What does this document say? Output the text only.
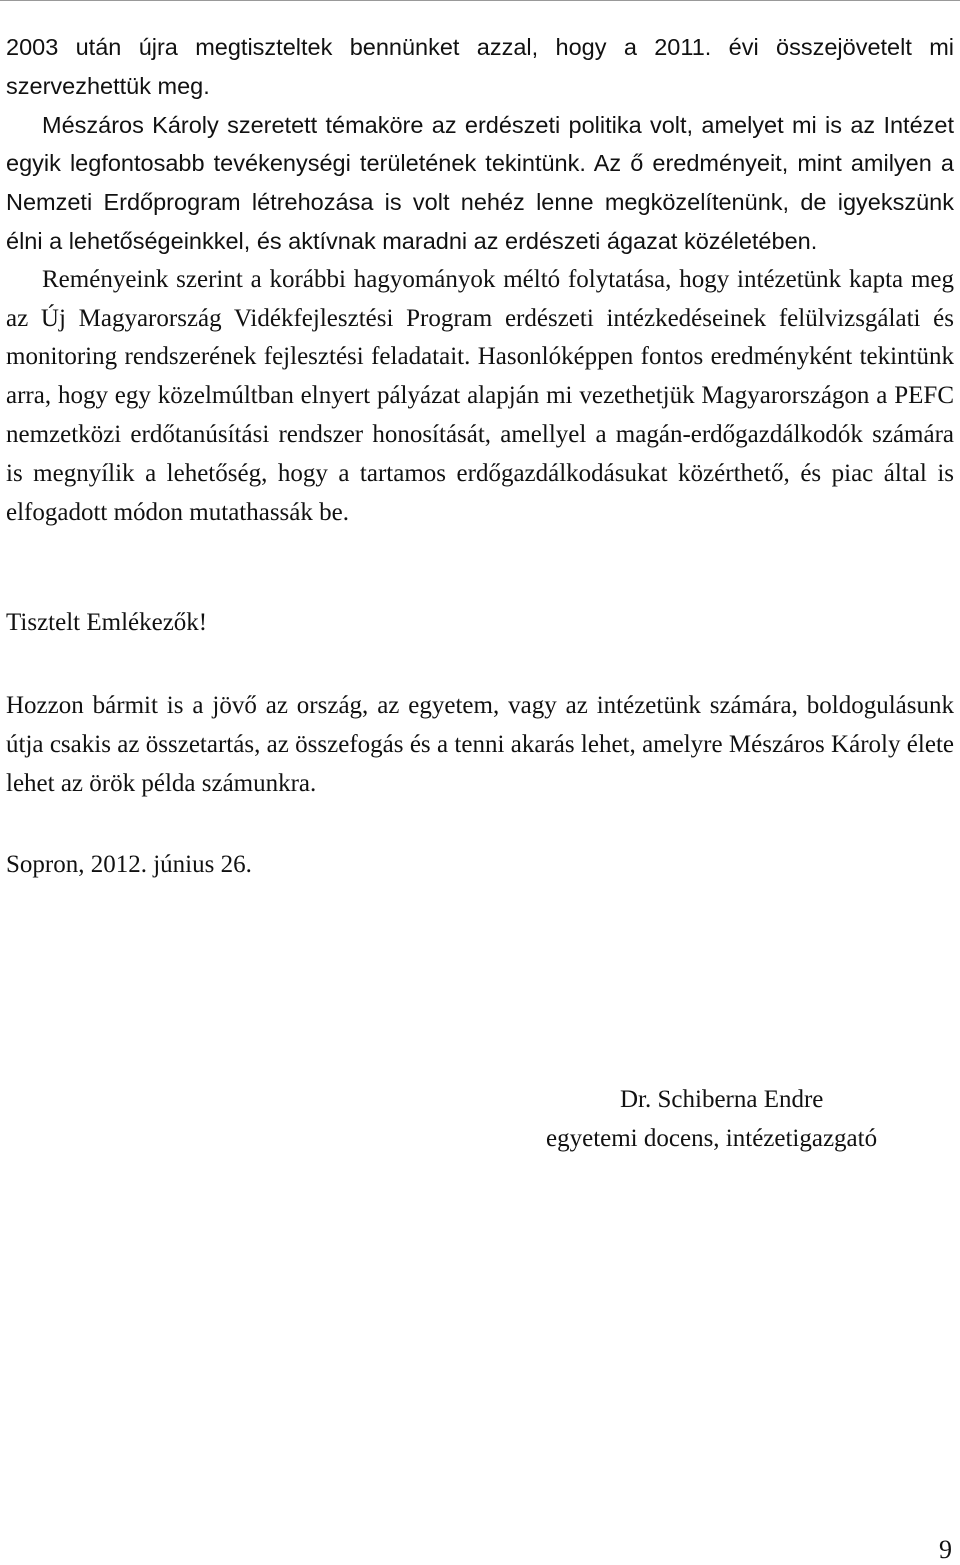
2003 után újra megtiszteltek bennünket azzal, hogy a 2011. évi összejövetelt mi szervezhettük meg.

Mészáros Károly szeretett témaköre az erdészeti politika volt, amelyet mi is az Intézet egyik legfontosabb tevékenységi területének tekintünk. Az ő eredményeit, mint amilyen a Nemzeti Erdőprogram létrehozása is volt nehéz lenne megközelítenünk, de igyekszünk élni a lehetőségeinkkel, és aktívnak maradni az erdészeti ágazat közéletében.

Reményeink szerint a korábbi hagyományok méltó folytatása, hogy intézetünk kapta meg az Új Magyarország Vidékfejlesztési Program erdészeti intézkedéseinek felülvizsgálati és monitoring rendszerének fejlesztési feladatait. Hasonlóképpen fontos eredményként tekintünk arra, hogy egy közelmúltban elnyert pályázat alapján mi vezethetjük Magyarországon a PEFC nemzetközi erdőtanúsítási rendszer honosítását, amellyel a magán-erdőgazdálkodók számára is megnyílik a lehetőség, hogy a tartamos erdőgazdálkodásukat közérthető, és piac által is elfogadott módon mutathassák be.

Tisztelt Emlékezők!

Hozzon bármit is a jövő az ország, az egyetem, vagy az intézetünk számára, boldogulásunk útja csakis az összetartás, az összefogás és a tenni akarás lehet, amelyre Mészáros Károly élete lehet az örök példa számunkra.

Sopron, 2012. június 26.

Dr. Schiberna Endre
egyetemi docens, intézetigazgató
9
